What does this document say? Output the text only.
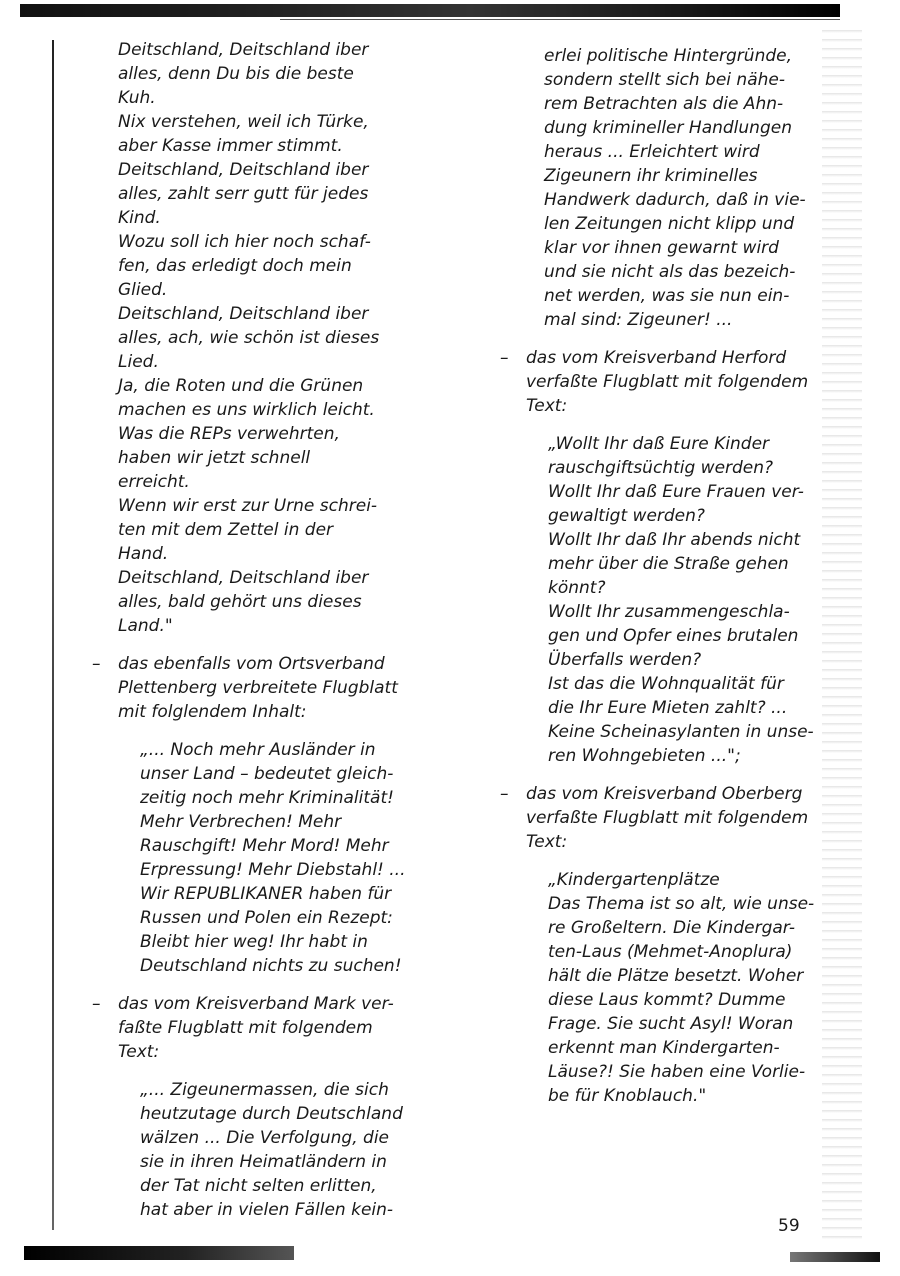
Deitschland, Deitschland iber
alles, denn Du bis die beste
Kuh.
Nix verstehen, weil ich Türke,
aber Kasse immer stimmt.
Deitschland, Deitschland iber
alles, zahlt serr gutt für jedes
Kind.
Wozu soll ich hier noch schaf-
fen, das erledigt doch mein
Glied.
Deitschland, Deitschland iber
alles, ach, wie schön ist dieses
Lied.
Ja, die Roten und die Grünen
machen es uns wirklich leicht.
Was die REPs verwehrten,
haben wir jetzt schnell
erreicht.
Wenn wir erst zur Urne schrei-
ten mit dem Zettel in der
Hand.
Deitschland, Deitschland iber
alles, bald gehört uns dieses
Land."
– das ebenfalls vom Ortsverband
Plettenberg verbreitete Flugblatt
mit folglendem Inhalt:
„... Noch mehr Ausländer in
unser Land – bedeutet gleich-
zeitig noch mehr Kriminalität!
Mehr Verbrechen! Mehr
Rauschgift! Mehr Mord! Mehr
Erpressung! Mehr Diebstahl! ...
Wir REPUBLIKANER haben für
Russen und Polen ein Rezept:
Bleibt hier weg! Ihr habt in
Deutschland nichts zu suchen!
– das vom Kreisverband Mark ver-
faßte Flugblatt mit folgendem
Text:
„... Zigeunermassen, die sich
heutzutage durch Deutschland
wälzen ... Die Verfolgung, die
sie in ihren Heimatländern in
der Tat nicht selten erlitten,
hat aber in vielen Fällen kein-
erlei politische Hintergründe,
sondern stellt sich bei nähe-
rem Betrachten als die Ahn-
dung krimineller Handlungen
heraus ... Erleichtert wird
Zigeunern ihr kriminelles
Handwerk dadurch, daß in vie-
len Zeitungen nicht klipp und
klar vor ihnen gewarnt wird
und sie nicht als das bezeich-
net werden, was sie nun ein-
mal sind: Zigeuner! ...
– das vom Kreisverband Herford
verfaßte Flugblatt mit folgendem
Text:
„Wollt Ihr daß Eure Kinder
rauschgiftsüchtig werden?
Wollt Ihr daß Eure Frauen ver-
gewaltigt werden?
Wollt Ihr daß Ihr abends nicht
mehr über die Straße gehen
könnt?
Wollt Ihr zusammengeschla-
gen und Opfer eines brutalen
Überfalls werden?
Ist das die Wohnqualität für
die Ihr Eure Mieten zahlt? ...
Keine Scheinasylanten in unse-
ren Wohngebieten ...";
– das vom Kreisverband Oberberg
verfaßte Flugblatt mit folgendem
Text:
„Kindergartenplätze
Das Thema ist so alt, wie unse-
re Großeltern. Die Kindergar-
ten-Laus (Mehmet-Anoplura)
hält die Plätze besetzt. Woher
diese Laus kommt? Dumme
Frage. Sie sucht Asyl! Woran
erkennt man Kindergarten-
Läuse?! Sie haben eine Vorlie-
be für Knoblauch."
59
